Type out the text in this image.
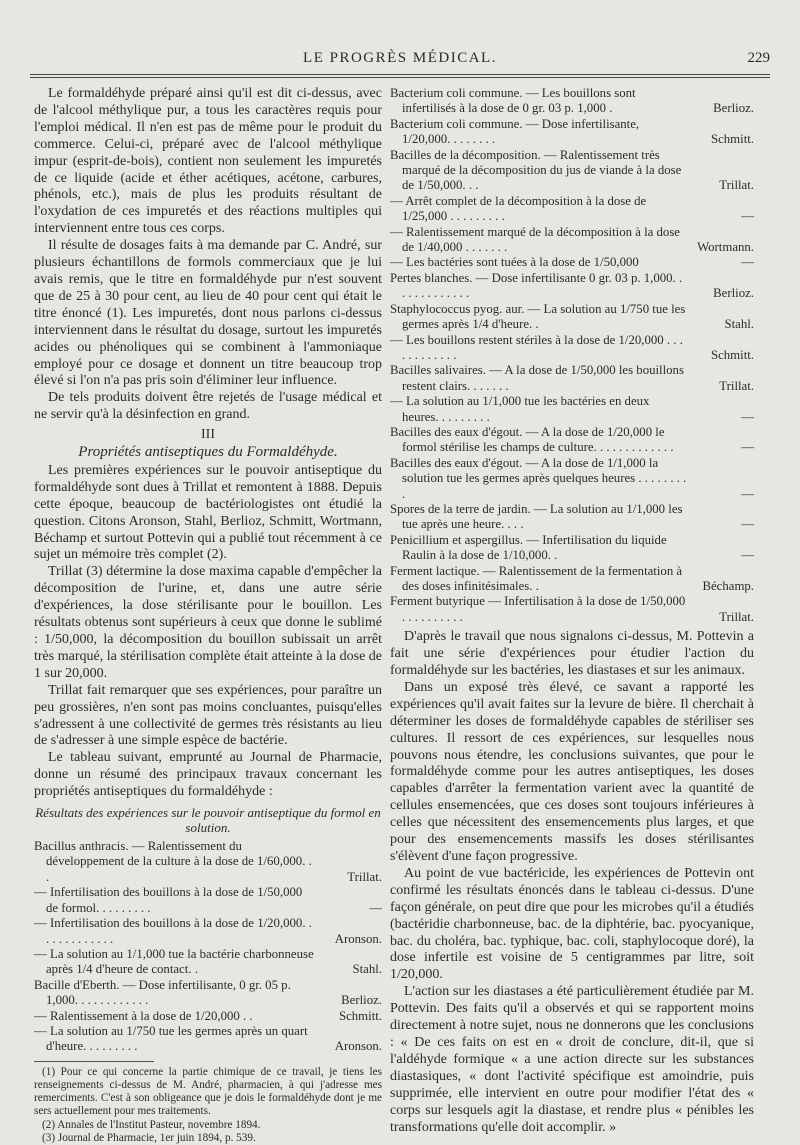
LE PROGRÈS MÉDICAL.	229

Le formaldéhyde préparé ainsi qu'il est dit ci-dessus, avec de l'alcool méthylique pur, a tous les caractères requis pour l'emploi médical. Il n'en est pas de même pour le produit du commerce. Celui-ci, préparé avec de l'alcool méthylique impur (esprit-de-bois), contient non seulement les impuretés de ce liquide (acide et éther acétiques, acétone, carbures, phénols, etc.), mais de plus les produits résultant de l'oxydation de ces impuretés et des réactions multiples qui interviennent entre tous ces corps.

Il résulte de dosages faits à ma demande par C. André, sur plusieurs échantillons de formols commerciaux que je lui avais remis, que le titre en formaldéhyde pur n'est souvent que de 25 à 30 pour cent, au lieu de 40 pour cent qui était le titre énoncé (1). Les impuretés, dont nous parlons ci-dessus interviennent dans le résultat du dosage, surtout les impuretés acides ou phénoliques qui se combinent à l'ammoniaque employé pour ce dosage et donnent un titre beaucoup trop élevé si l'on n'a pas pris soin d'éliminer leur influence.

De tels produits doivent être rejetés de l'usage médical et ne servir qu'à la désinfection en grand.

III

Propriétés antiseptiques du Formaldéhyde.

Les premières expériences sur le pouvoir antiseptique du formaldéhyde sont dues à Trillat et remontent à 1888. Depuis cette époque, beaucoup de bactériologistes ont étudié la question. Citons Aronson, Stahl, Berlioz, Schmitt, Wortmann, Béchamp et surtout Pottevin qui a publié tout récemment à ce sujet un mémoire très complet (2).

Trillat (3) détermine la dose maxima capable d'empêcher la décomposition de l'urine, et, dans une autre série d'expériences, la dose stérilisante pour le bouillon. Les résultats obtenus sont supérieurs à ceux que donne le sublimé : 1/50,000, la décomposition du bouillon subissait un arrêt très marqué, la stérilisation complète était atteinte à la dose de 1 sur 20,000.

Trillat fait remarquer que ses expériences, pour paraître un peu grossières, n'en sont pas moins concluantes, puisqu'elles s'adressent à une collectivité de germes très résistants au lieu de s'adresser à une simple espèce de bactérie.

Le tableau suivant, emprunté au Journal de Pharmacie, donne un résumé des principaux travaux concernant les propriétés antiseptiques du formaldéhyde :

Résultats des expériences sur le pouvoir antiseptique du formol en solution.

Bacillus anthracis. — Ralentissement du développement de la culture à la dose de 1/60,000. . .	Trillat.
— Infertilisation des bouillons à la dose de 1/50,000 de formol. . . . . . . . .	—
— Infertilisation des bouillons à la dose de 1/20,000. . . . . . . . . . . . .	Aronson.
— La solution au 1/1,000 tue la bactérie charbonneuse après 1/4 d'heure de contact. .	Stahl.
Bacille d'Eberth. — Dose infertilisante, 0 gr. 05 p. 1,000. . . . . . . . . . . .	Berlioz.
— Ralentissement à la dose de 1/20,000 . .	Schmitt.
— La solution au 1/750 tue les germes après un quart d'heure. . . . . . . . .	Aronson.

(1) Pour ce qui concerne la partie chimique de ce travail, je tiens les renseignements ci-dessus de M. André, pharmacien, à qui j'adresse mes remerciments. C'est à son obligeance que je dois le formaldéhyde dont je me sers actuellement pour mes traitements.

(2) Annales de l'Institut Pasteur, novembre 1894.

(3) Journal de Pharmacie, 1er juin 1894, p. 539.

Bacterium coli commune. — Les bouillons sont infertilisés à la dose de 0 gr. 03 p. 1,000 .	Berlioz.
Bacterium coli commune. — Dose infertilisante, 1/20,000. . . . . . . .	Schmitt.
Bacilles de la décomposition. — Ralentissement très marqué de la décomposition du jus de viande à la dose de 1/50,000. . .	Trillat.
— Arrêt complet de la décomposition à la dose de 1/25,000 . . . . . . . . .	—
— Ralentissement marqué de la décomposition à la dose de 1/40,000 . . . . . . .	Wortmann.
— Les bactéries sont tuées à la dose de 1/50,000	—
Pertes blanches. — Dose infertilisante 0 gr. 03 p. 1,000. . . . . . . . . . . . .	Berlioz.
Staphylococcus pyog. aur. — La solution au 1/750 tue les germes après 1/4 d'heure. .	Stahl.
— Les bouillons restent stériles à la dose de 1/20,000 . . . . . . . . . . . .	Schmitt.
Bacilles salivaires. — A la dose de 1/50,000 les bouillons restent clairs. . . . . . .	Trillat.
— La solution au 1/1,000 tue les bactéries en deux heures. . . . . . . . .	—
Bacilles des eaux d'égout. — A la dose de 1/20,000 le formol stérilise les champs de culture. . . . . . . . . . . . .	—
Bacilles des eaux d'égout. — A la dose de 1/1,000 la solution tue les germes après quelques heures . . . . . . . . .	—
Spores de la terre de jardin. — La solution au 1/1,000 les tue après une heure. . . .	—
Penicillium et aspergillus. — Infertilisation du liquide Raulin à la dose de 1/10,000. .	—
Ferment lactique. — Ralentissement de la fermentation à des doses infinitésimales. .	Béchamp.
Ferment butyrique — Infertilisation à la dose de 1/50,000 . . . . . . . . . .	Trillat.

D'après le travail que nous signalons ci-dessus, M. Pottevin a fait une série d'expériences pour étudier l'action du formaldéhyde sur les bactéries, les diastases et sur les animaux.

Dans un exposé très élevé, ce savant a rapporté les expériences qu'il avait faites sur la levure de bière. Il cherchait à déterminer les doses de formaldéhyde capables de stériliser ses cultures. Il ressort de ces expériences, sur lesquelles nous pouvons nous étendre, les conclusions suivantes, que pour le formaldéhyde comme pour les autres antiseptiques, les doses capables d'arrêter la fermentation varient avec la quantité de cellules ensemencées, que ces doses sont toujours inférieures à celles que nécessitent des ensemencements plus larges, et que pour des ensemencements massifs les doses stérilisantes s'élèvent d'une façon progressive.

Au point de vue bactéricide, les expériences de Pottevin ont confirmé les résultats énoncés dans le tableau ci-dessus. D'une façon générale, on peut dire que pour les microbes qu'il a étudiés (bactéridie charbonneuse, bac. de la diphtérie, bac. pyocyanique, bac. du choléra, bac. typhique, bac. coli, staphylocoque doré), la dose infertile est voisine de 5 centigrammes par litre, soit 1/20,000.

L'action sur les diastases a été particulièrement étudiée par M. Pottevin. Des faits qu'il a observés et qui se rapportent moins directement à notre sujet, nous ne donnerons que les conclusions : « De ces faits on est en « droit de conclure, dit-il, que si l'aldéhyde formique « a une action directe sur les substances diastasiques, « dont l'activité spécifique est amoindrie, puis supprimée, elle intervient en outre pour modifier l'état des « corps sur lesquels agit la diastase, et rendre plus « pénibles les transformations qu'elle doit accomplir. »
